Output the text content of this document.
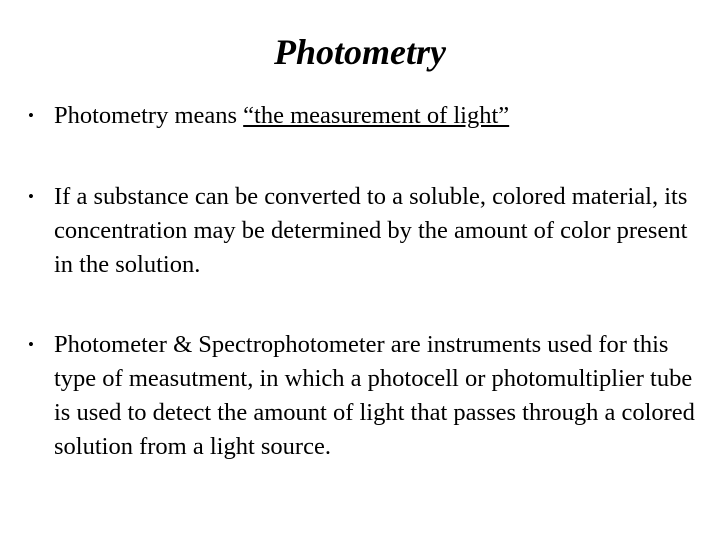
Photometry
• Photometry means “the measurement of light”
• If a substance can be converted to a soluble, colored material, its concentration may be determined by the amount of color present in the solution.
• Photometer & Spectrophotometer are instruments used for this type of measutment, in which a photocell or photomultiplier tube is used to detect the amount of light that passes through a colored solution from a light source.
